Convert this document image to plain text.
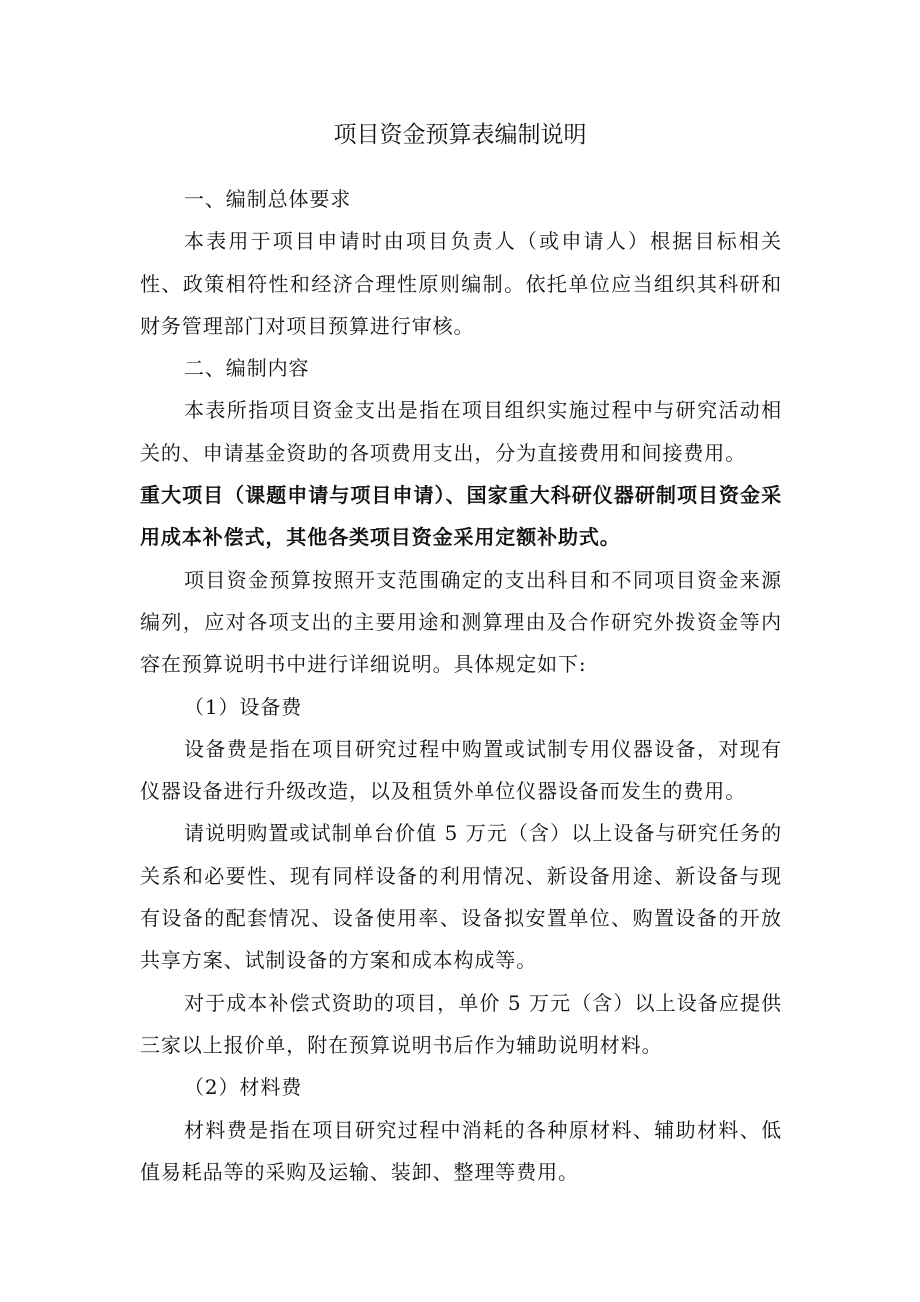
项目资金预算表编制说明

一、编制总体要求

本表用于项目申请时由项目负责人（或申请人）根据目标相关性、政策相符性和经济合理性原则编制。依托单位应当组织其科研和财务管理部门对项目预算进行审核。

二、编制内容

本表所指项目资金支出是指在项目组织实施过程中与研究活动相关的、申请基金资助的各项费用支出，分为直接费用和间接费用。

重大项目（课题申请与项目申请）、国家重大科研仪器研制项目资金采用成本补偿式，其他各类项目资金采用定额补助式。

项目资金预算按照开支范围确定的支出科目和不同项目资金来源编列，应对各项支出的主要用途和测算理由及合作研究外拨资金等内容在预算说明书中进行详细说明。具体规定如下:

（1）设备费

设备费是指在项目研究过程中购置或试制专用仪器设备，对现有仪器设备进行升级改造，以及租赁外单位仪器设备而发生的费用。

请说明购置或试制单台价值 5 万元（含）以上设备与研究任务的关系和必要性、现有同样设备的利用情况、新设备用途、新设备与现有设备的配套情况、设备使用率、设备拟安置单位、购置设备的开放共享方案、试制设备的方案和成本构成等。

对于成本补偿式资助的项目，单价 5 万元（含）以上设备应提供三家以上报价单，附在预算说明书后作为辅助说明材料。

（2）材料费

材料费是指在项目研究过程中消耗的各种原材料、辅助材料、低值易耗品等的采购及运输、装卸、整理等费用。
